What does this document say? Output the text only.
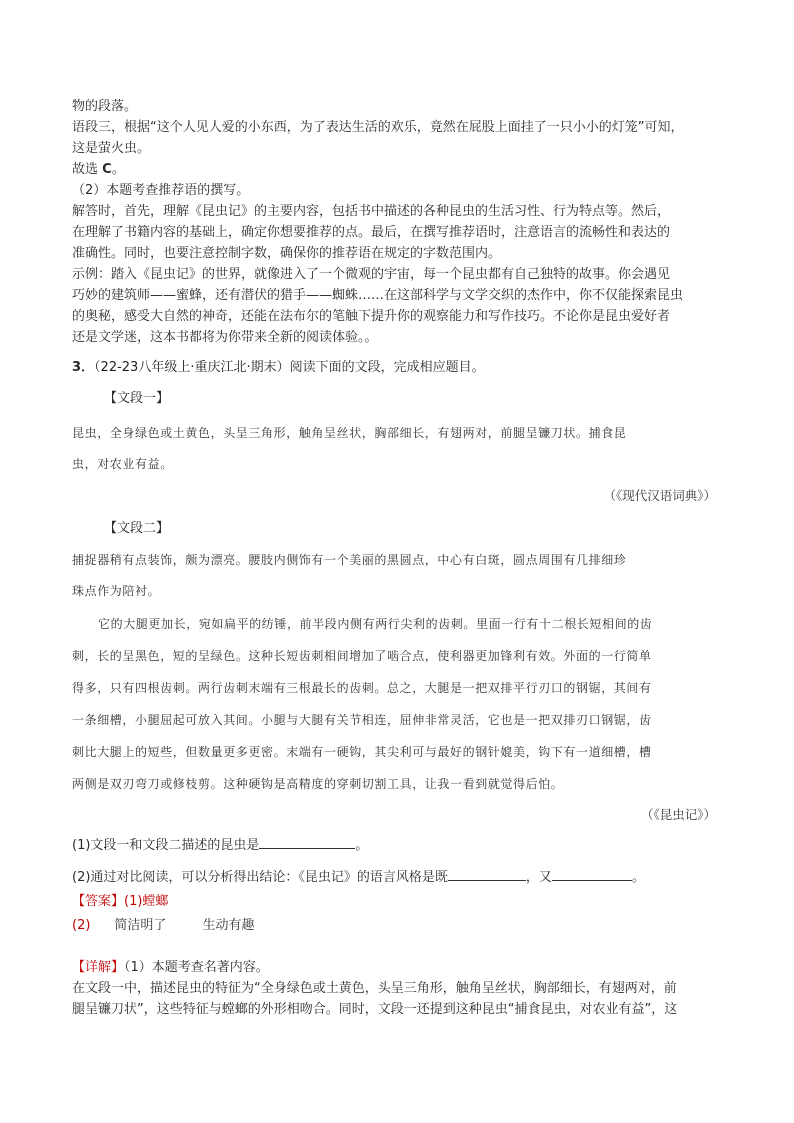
物的段落。
语段三，根据“这个人见人爱的小东西，为了表达生活的欢乐，竟然在屁股上面挂了一只小小的灯笼”可知，
这是萤火虫。
故选 C。
（2）本题考查推荐语的撰写。
解答时，首先，理解《昆虫记》的主要内容，包括书中描述的各种昆虫的生活习性、行为特点等。然后，
在理解了书籍内容的基础上，确定你想要推荐的点。最后，在撰写推荐语时，注意语言的流畅性和表达的
准确性。同时，也要注意控制字数，确保你的推荐语在规定的字数范围内。
示例：踏入《昆虫记》的世界，就像进入了一个微观的宇宙，每一个昆虫都有自己独特的故事。你会遇见
巧妙的建筑师——蜜蜂，还有潜伏的猎手——蜘蛛……在这部科学与文学交织的杰作中，你不仅能探索昆虫
的奥秘，感受大自然的神奇，还能在法布尔的笔触下提升你的观察能力和写作技巧。不论你是昆虫爱好者
还是文学迷，这本书都将为你带来全新的阅读体验。。
3．（22-23八年级上·重庆江北·期末）阅读下面的文段，完成相应题目。
【文段一】
昆虫，全身绿色或土黄色，头呈三角形，触角呈丝状，胸部细长，有翅两对，前腿呈镰刀状。捕食昆
虫，对农业有益。
（《现代汉语词典》）
【文段二】
捕捉器稍有点装饰，颇为漂亮。腰肢内侧饰有一个美丽的黑圆点，中心有白斑，圆点周围有几排细珍
珠点作为陪衬。
它的大腿更加长，宛如扁平的纺锤，前半段内侧有两行尖利的齿刺。里面一行有十二根长短相间的齿
刺，长的呈黑色，短的呈绿色。这种长短齿刺相间增加了啮合点，使利器更加锋利有效。外面的一行简单
得多，只有四根齿刺。两行齿刺末端有三根最长的齿刺。总之，大腿是一把双排平行刃口的钢锯，其间有
一条细槽，小腿屈起可放入其间。小腿与大腿有关节相连，屈伸非常灵活，它也是一把双排刃口钢锯，齿
刺比大腿上的短些，但数量更多更密。末端有一硬钩，其尖利可与最好的钢针媲美，钩下有一道细槽，槽
两侧是双刃弯刀或修枝剪。这种硬钩是高精度的穿刺切割工具，让我一看到就觉得后怕。
（《昆虫记》）
(1)文段一和文段二描述的昆虫是	。
(2)通过对比阅读，可以分析得出结论：《昆虫记》的语言风格是既	，又	。
【答案】(1)螳螂
(2) 简洁明了	生动有趣
【详解】（1）本题考查名著内容。
在文段一中，描述昆虫的特征为“全身绿色或土黄色，头呈三角形，触角呈丝状，胸部细长，有翅两对，前
腿呈镰刀状”，这些特征与螳螂的外形相吻合。同时，文段一还提到这种昆虫“捕食昆虫，对农业有益”，这
